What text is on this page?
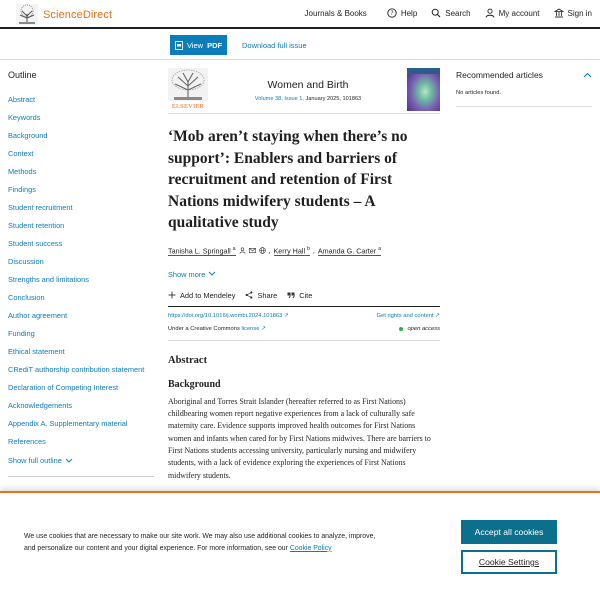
ScienceDirect	Journals & Books	? Help	Search	My account	Sign in
View PDF	Download full issue
Outline
Abstract
Keywords
Background
Context
Methods
Findings
Student recruitment
Student retention
Student success
Discussion
Strengths and limitations
Conclusion
Author agreement
Funding
Ethical statement
CRediT authorship contribution statement
Declaration of Competing Interest
Acknowledgements
Appendix A. Supplementary material
References
Show full outline

ELSEVIER
Women and Birth
Volume 38, Issue 1, January 2025, 101863
‘Mob aren’t staying when there’s no support’: Enablers and barriers of recruitment and retention of First Nations midwifery students – A qualitative study
Tanisha L. Springall $^a$	, Kerry Hall $^b$ , Amanda G. Carter $^a$
Show more
Add to Mendeley	Share	Cite
https://doi.org/10.1016/j.wombi.2024.101863 ↗	Get rights and content ↗
Under a Creative Commons license ↗	open access
Abstract
Background

Aboriginal and Torres Strait Islander (hereafter referred to as First Nations) childbearing women report negative experiences from a lack of culturally safe maternity care. Evidence supports improved health outcomes for First Nations women and infants when cared for by First Nations midwives. There are barriers to First Nations students accessing university, particularly nursing and midwifery students, with a lack of evidence exploring the experiences of First Nations midwifery students.

Recommended articles
No articles found.

We use cookies that are necessary to make our site work. We may also use additional cookies to analyze, improve, and personalize our content and your digital experience. For more information, see our Cookie Policy

Accept all cookies
Cookie Settings
